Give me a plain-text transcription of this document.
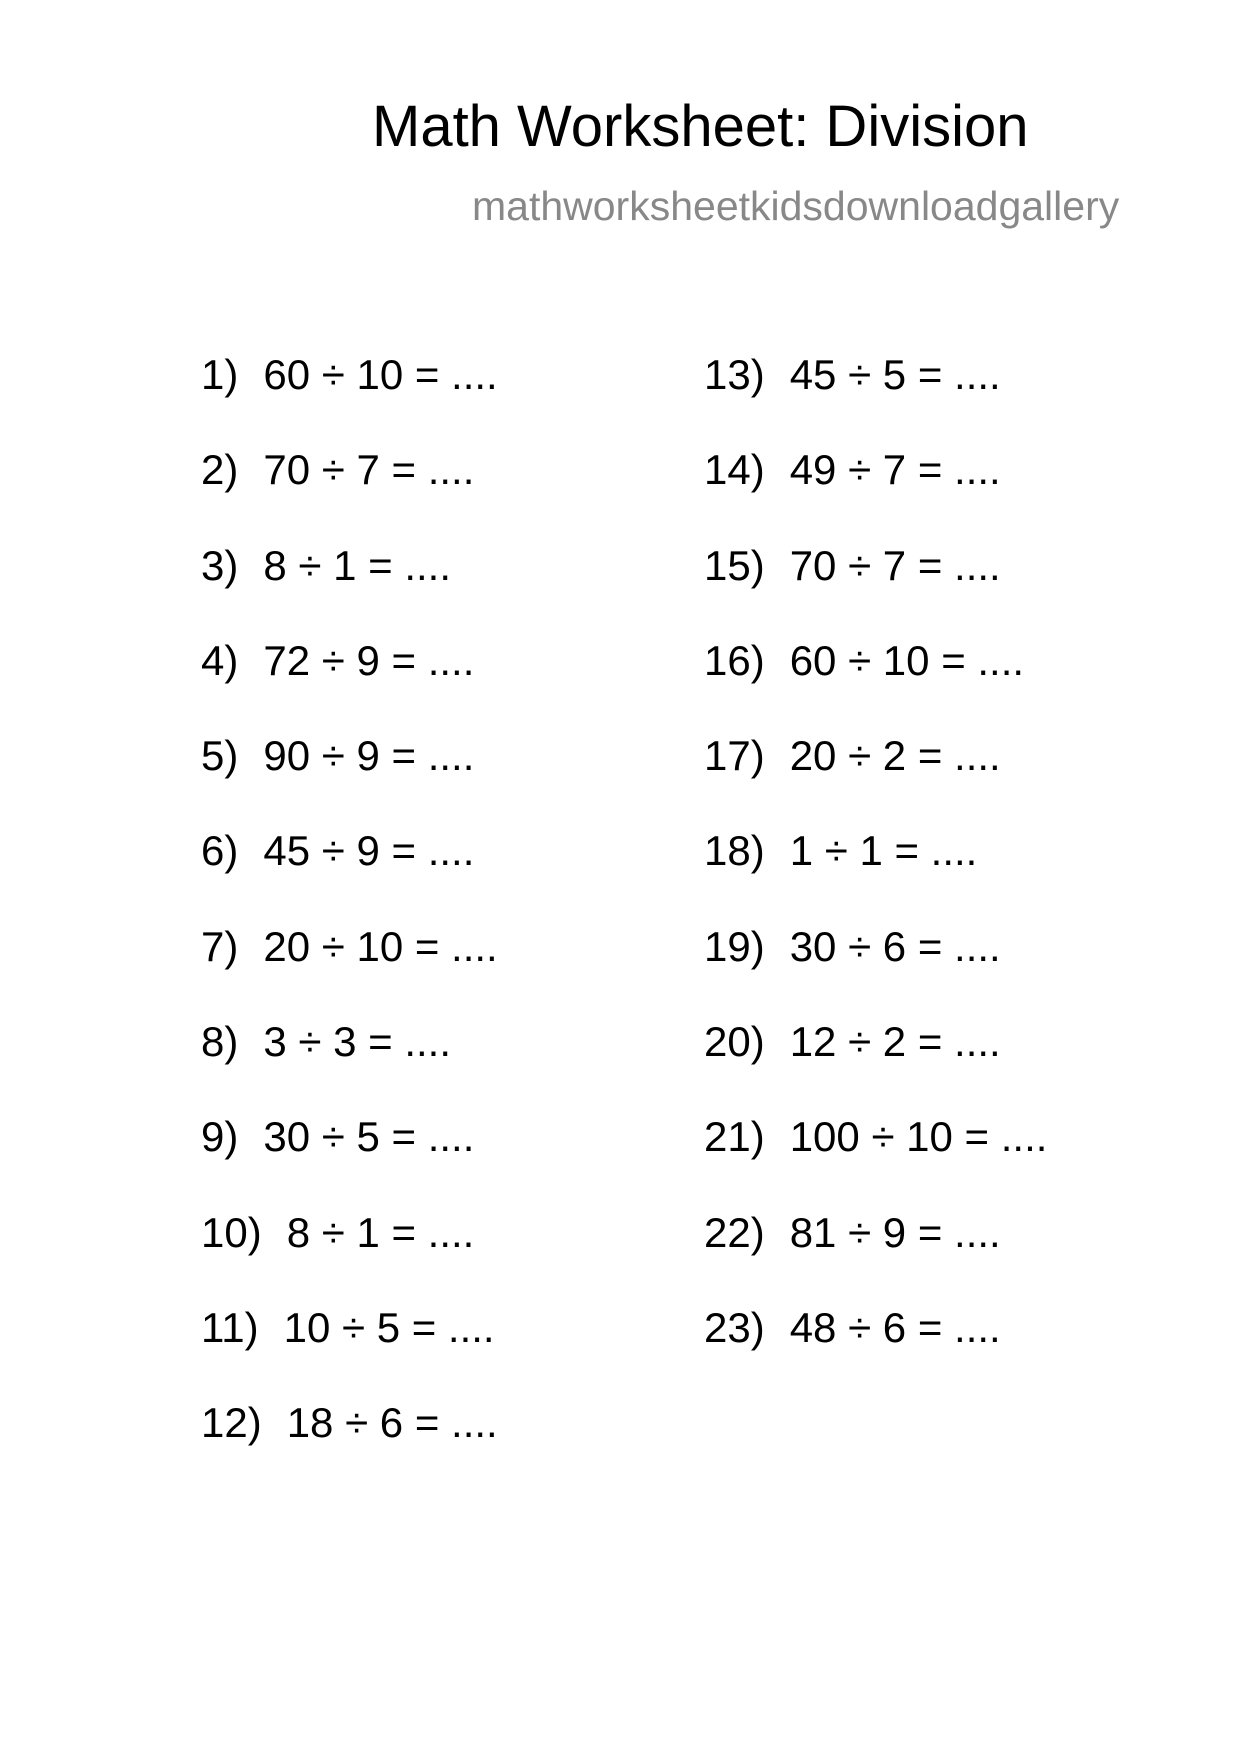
Math Worksheet: Division
mathworksheetkidsdownloadgallery
1) 60 ÷ 10 = ....
2) 70 ÷ 7 = ....
3) 8 ÷ 1 = ....
4) 72 ÷ 9 = ....
5) 90 ÷ 9 = ....
6) 45 ÷ 9 = ....
7) 20 ÷ 10 = ....
8) 3 ÷ 3 = ....
9) 30 ÷ 5 = ....
10) 8 ÷ 1 = ....
11) 10 ÷ 5 = ....
12) 18 ÷ 6 = ....
13) 45 ÷ 5 = ....
14) 49 ÷ 7 = ....
15) 70 ÷ 7 = ....
16) 60 ÷ 10 = ....
17) 20 ÷ 2 = ....
18) 1 ÷ 1 = ....
19) 30 ÷ 6 = ....
20) 12 ÷ 2 = ....
21) 100 ÷ 10 = ....
22) 81 ÷ 9 = ....
23) 48 ÷ 6 = ....
